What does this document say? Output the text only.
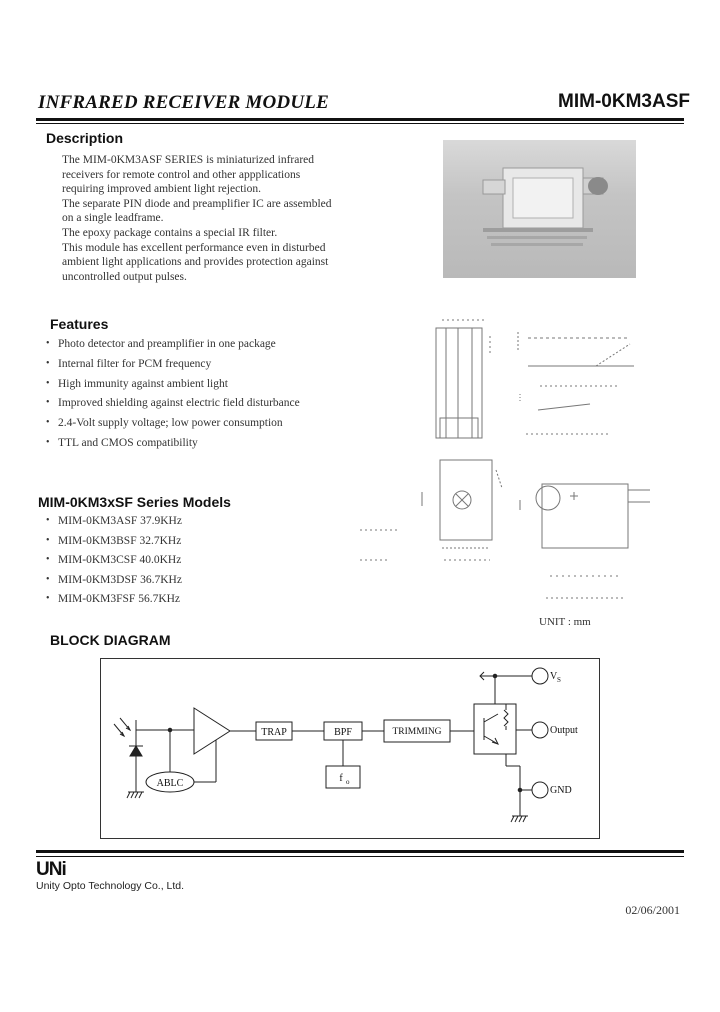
INFRARED RECEIVER MODULE	MIM-0KM3ASF
Description

The MIM-0KM3ASF SERIES is miniaturized infrared

receivers for remote control and other appplications

requiring improved ambient light rejection.

The separate PIN diode and preamplifier IC are assembled

on a single leadframe.

The epoxy package contains a special IR filter.

This module has excellent performance even in disturbed

ambient light applications and provides protection against

uncontrolled output pulses.

Features
• Photo detector and preamplifier in one package
• Internal filter for PCM frequency
• High immunity against ambient light
• Improved shielding against electric field disturbance
• 2.4-Volt supply voltage; low power consumption
• TTL and CMOS compatibility
MIM-0KM3xSF Series Models
• MIM-0KM3ASF 37.9KHz
• MIM-0KM3BSF 32.7KHz
• MIM-0KM3CSF 40.0KHz
• MIM-0KM3DSF 36.7KHz
• MIM-0KM3FSF 56.7KHz
UNIT : mm
BLOCK DIAGRAM
ABLC
TRAP	BPF
f o
TRIMMING
V S
Output
GND
UNi
Unity Opto Technology Co., Ltd.
02/06/2001
